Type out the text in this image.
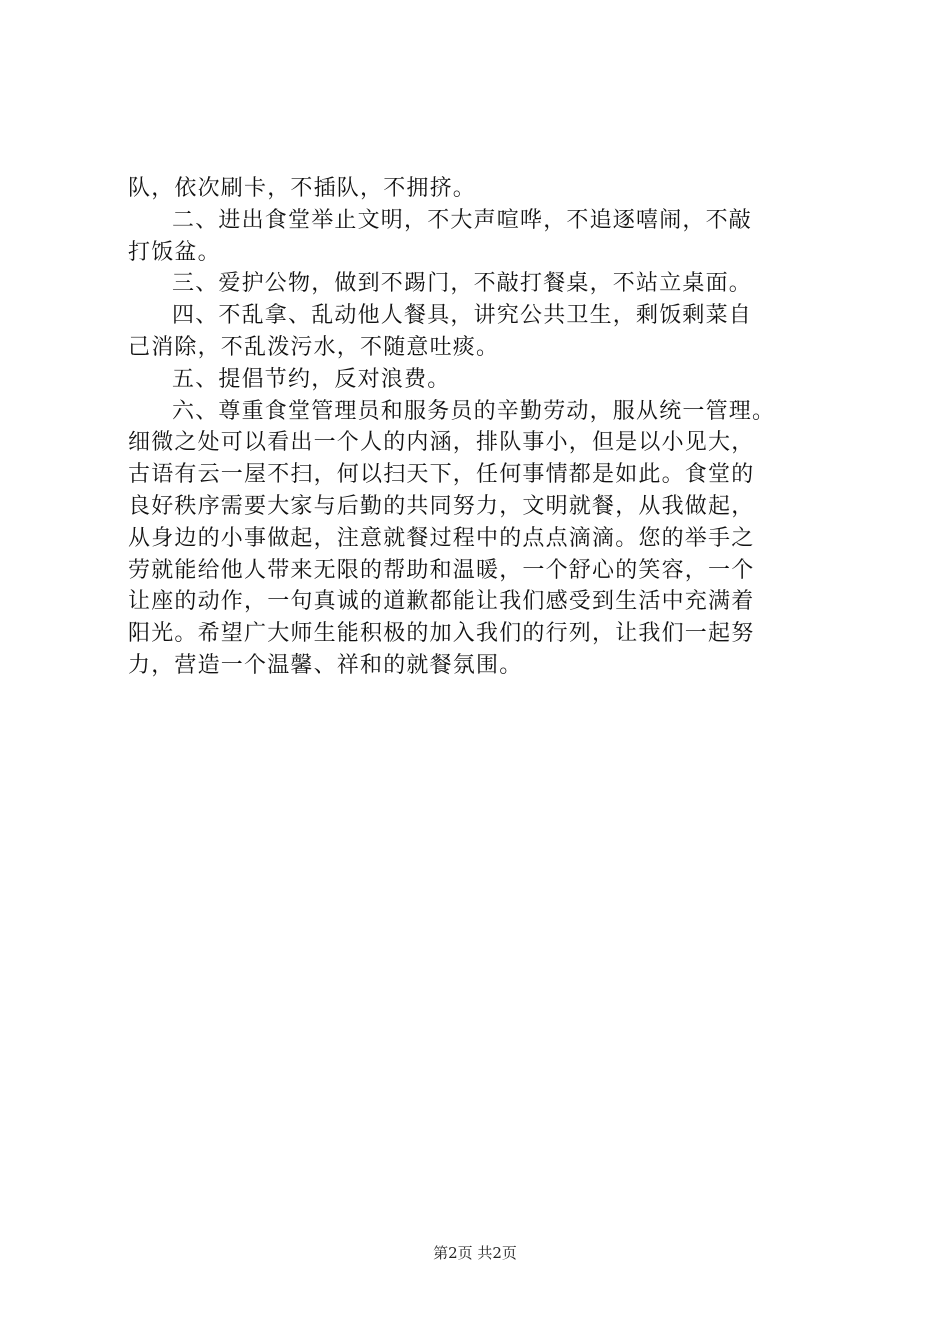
队，依次刷卡，不插队，不拥挤。
二、进出食堂举止文明，不大声喧哗，不追逐嘻闹，不敲
打饭盆。
三、爱护公物，做到不踢门，不敲打餐桌，不站立桌面。
四、不乱拿、乱动他人餐具，讲究公共卫生，剩饭剩菜自
己消除，不乱泼污水，不随意吐痰。
五、提倡节约，反对浪费。
六、尊重食堂管理员和服务员的辛勤劳动，服从统一管理。
细微之处可以看出一个人的内涵，排队事小，但是以小见大，
古语有云一屋不扫，何以扫天下，任何事情都是如此。食堂的
良好秩序需要大家与后勤的共同努力，文明就餐，从我做起，
从身边的小事做起，注意就餐过程中的点点滴滴。您的举手之
劳就能给他人带来无限的帮助和温暖，一个舒心的笑容，一个
让座的动作，一句真诚的道歉都能让我们感受到生活中充满着
阳光。希望广大师生能积极的加入我们的行列，让我们一起努
力，营造一个温馨、祥和的就餐氛围。
第2页 共2页
